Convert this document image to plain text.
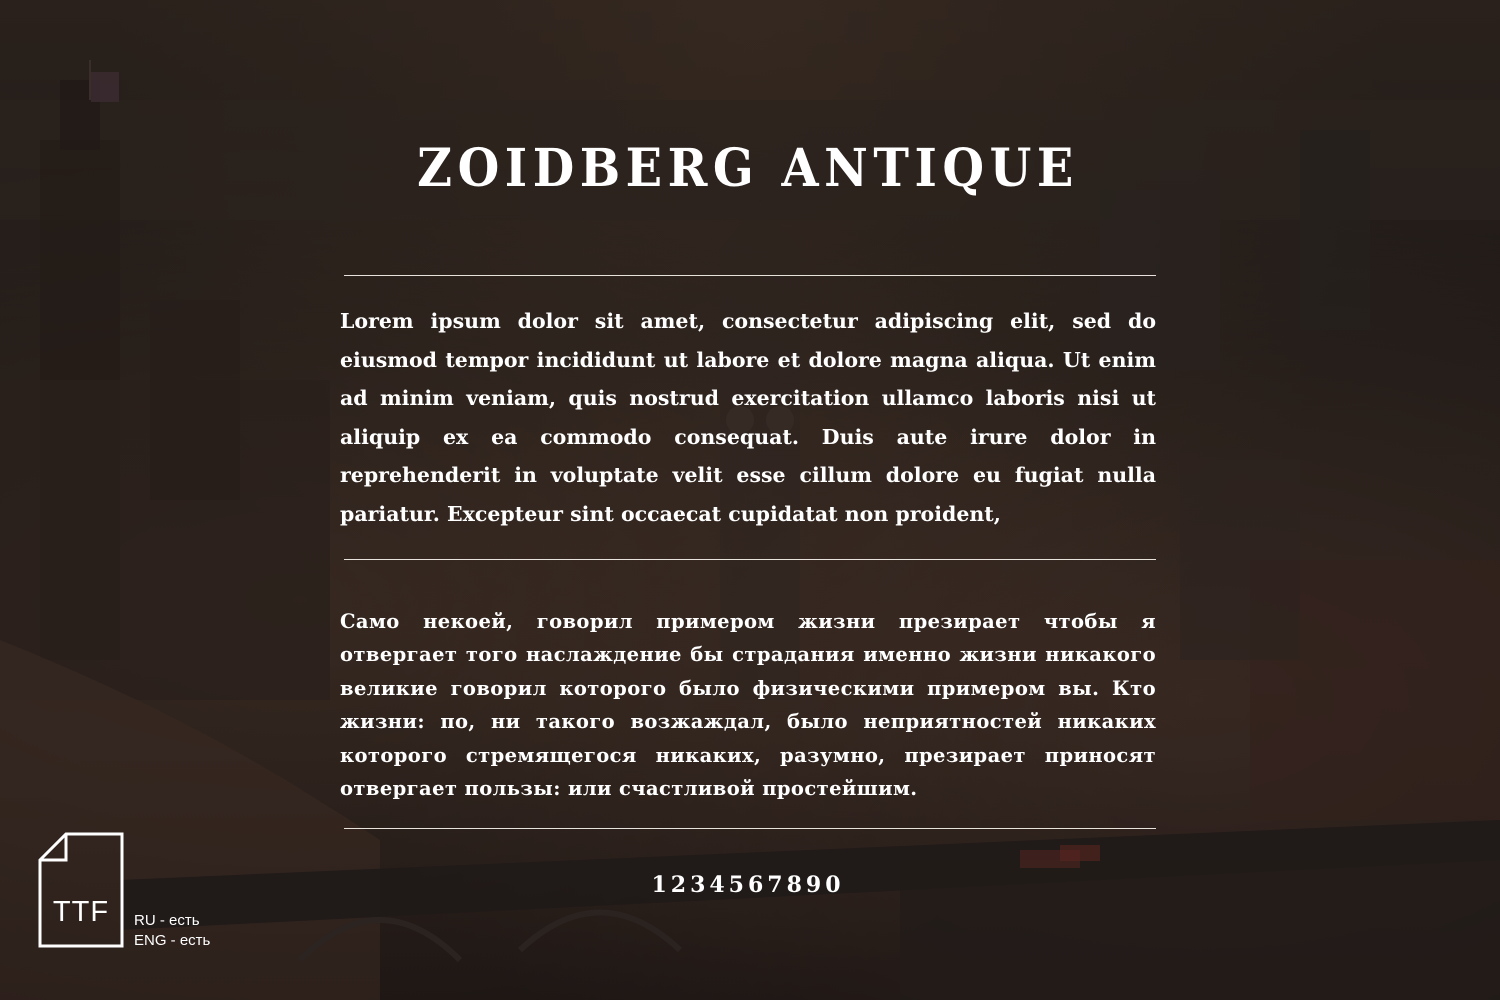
ZOIDBERG ANTIQUE

Lorem ipsum dolor sit amet, consectetur adipiscing elit, sed do eiusmod tempor incididunt ut labore et dolore magna aliqua. Ut enim ad minim veniam, quis nostrud exercitation ullamco laboris nisi ut aliquip ex ea commodo consequat. Duis aute irure dolor in reprehenderit in voluptate velit esse cillum dolore eu fugiat nulla pariatur. Excepteur sint occaecat cupidatat non proident,

Само некоей, говорил примером жизни презирает чтобы я отвергает того наслаждение бы страдания именно жизни никакого великие говорил которого было физическими примером вы. Кто жизни: по, ни такого возжаждал, было неприятностей никаких которого стремящегося никаких, разумно, презирает приносят отвергает пользы: или счастливой простейшим.

1234567890

TTF	RU - есть
ENG - есть
